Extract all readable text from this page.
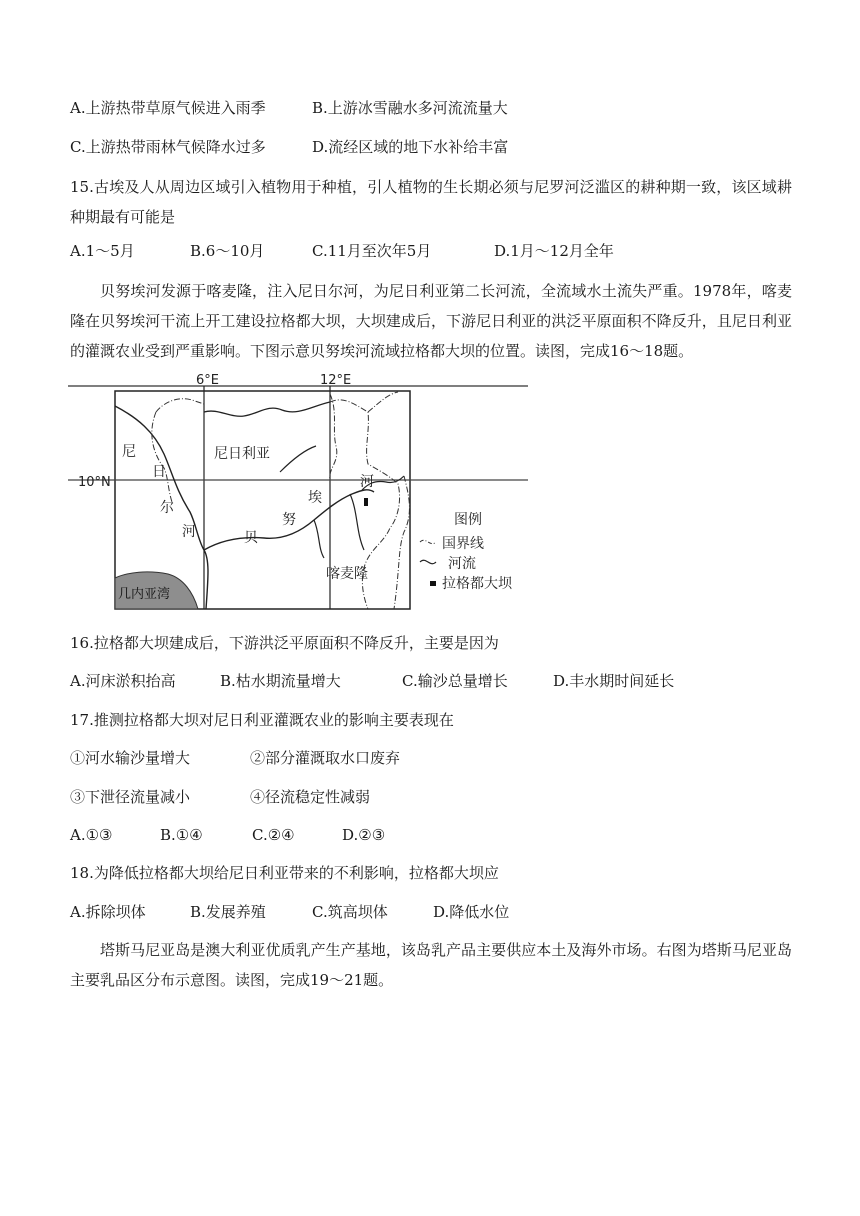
A.上游热带草原气候进入雨季	B.上游冰雪融水多河流流量大
C.上游热带雨林气候降水过多	D.流经区域的地下水补给丰富
15.古埃及人从周边区域引入植物用于种植，引人植物的生长期必须与尼罗河泛滥区的耕种期一致，该区域耕种期最有可能是
A.1～5月	B.6～10月	C.11月至次年5月	D.1月～12月全年
贝努埃河发源于喀麦隆，注入尼日尔河，为尼日利亚第二长河流，全流域水土流失严重。1978年，喀麦隆在贝努埃河干流上开工建设拉格都大坝，大坝建成后，下游尼日利亚的洪泛平原面积不降反升，且尼日利亚的灌溉农业受到严重影响。下图示意贝努埃河流域拉格都大坝的位置。读图，完成16～18题。
6°E	12°E
10°N
尼日利亚
尼
日
尔
河	贝
努
埃
河
喀麦隆
几内亚湾
图例
国界线
河流
拉格都大坝
16.拉格都大坝建成后，下游洪泛平原面积不降反升，主要是因为
A.河床淤积抬高	B.枯水期流量增大	C.输沙总量增长	D.丰水期时间延长
17.推测拉格都大坝对尼日利亚灌溉农业的影响主要表现在
①河水输沙量增大	②部分灌溉取水口废弃
③下泄径流量减小	④径流稳定性减弱
A.①③	B.①④	C.②④	D.②③
18.为降低拉格都大坝给尼日利亚带来的不利影响，拉格都大坝应
A.拆除坝体	B.发展养殖	C.筑高坝体	D.降低水位
塔斯马尼亚岛是澳大利亚优质乳产生产基地，该岛乳产品主要供应本土及海外市场。右图为塔斯马尼亚岛主要乳品区分布示意图。读图，完成19～21题。
